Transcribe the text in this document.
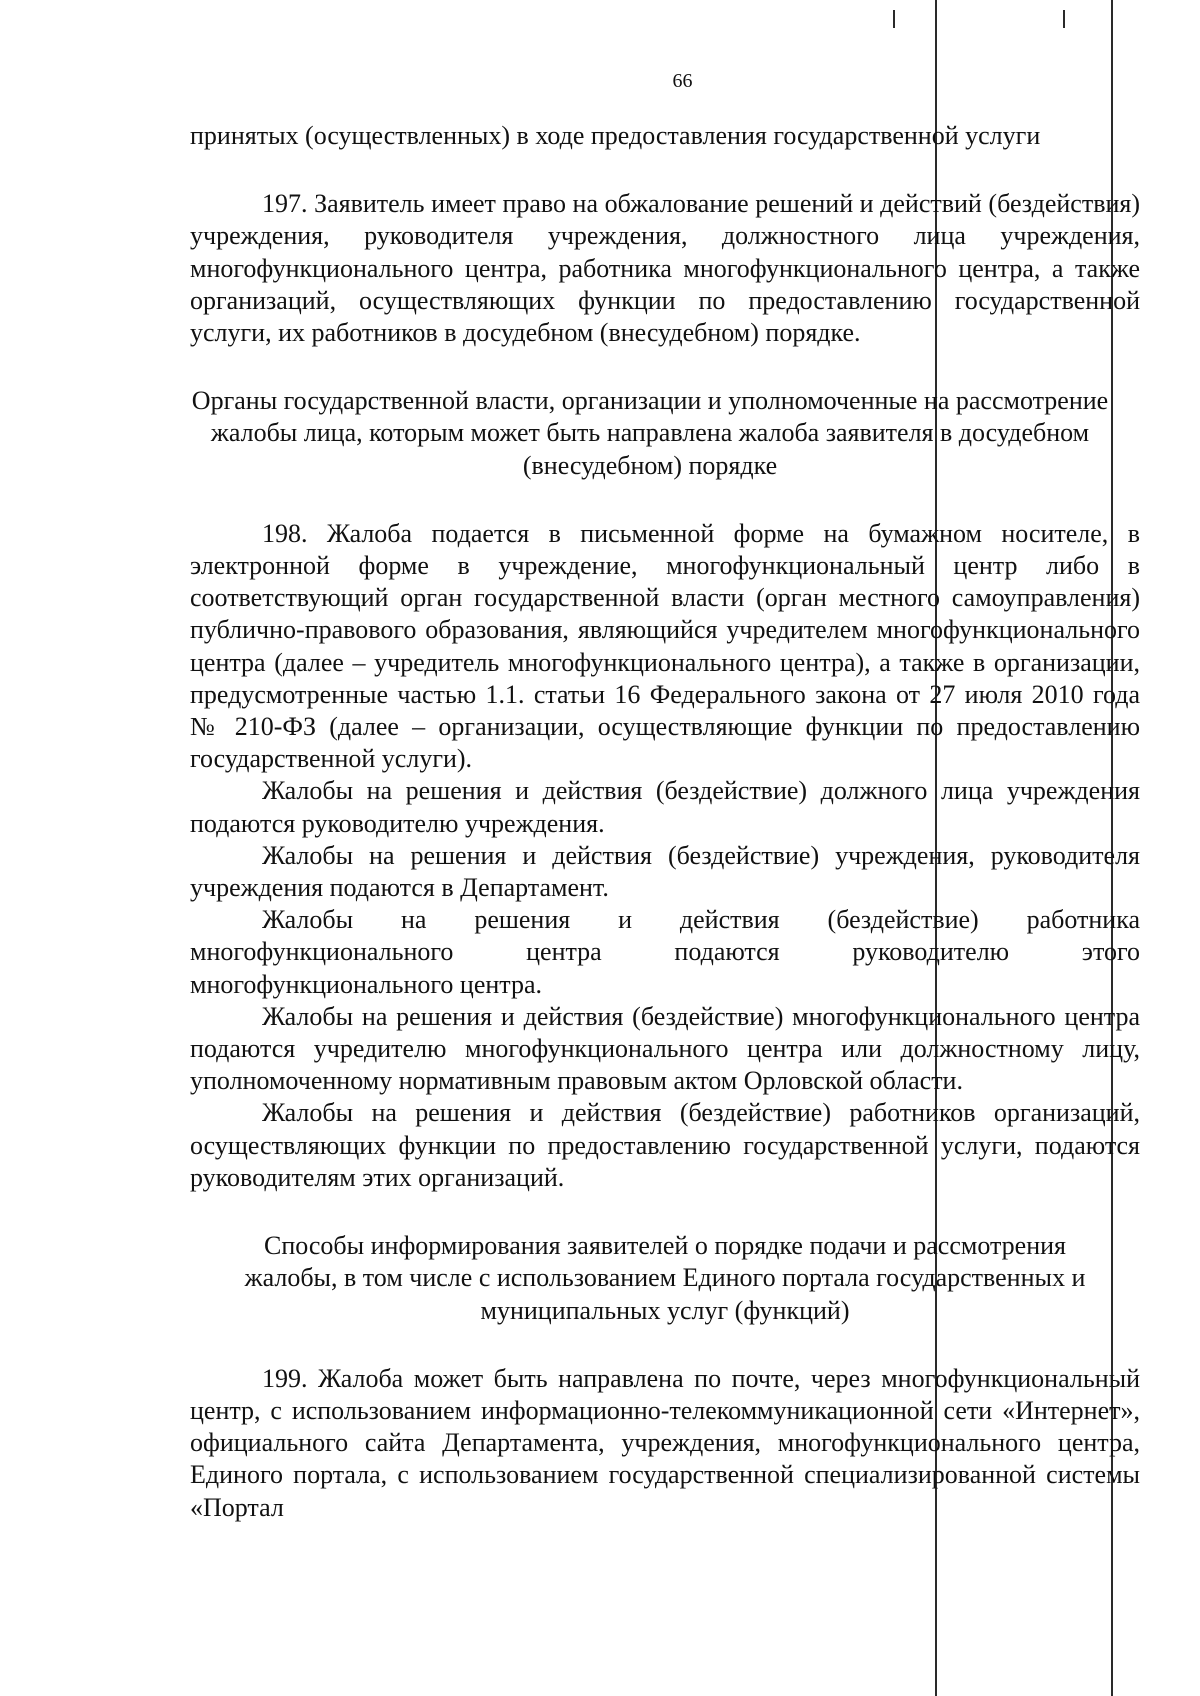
66

принятых (осуществленных) в ходе предоставления государственной услуги

197. Заявитель имеет право на обжалование решений и действий (бездействия) учреждения, руководителя учреждения, должностного лица учреждения, многофункционального центра, работника многофункционального центра, а также организаций, осуществляющих функции по предоставлению государственной услуги, их работников в досудебном (внесудебном) порядке.

Органы государственной власти, организации и уполномоченные на рассмотрение жалобы лица, которым может быть направлена жалоба заявителя в досудебном (внесудебном) порядке

198. Жалоба подается в письменной форме на бумажном носителе, в электронной форме в учреждение, многофункциональный центр либо в соответствующий орган государственной власти (орган местного самоуправления) публично-правового образования, являющийся учредителем многофункционального центра (далее – учредитель многофункционального центра), а также в организации, предусмотренные частью 1.1. статьи 16 Федерального закона от 27 июля 2010 года № 210-ФЗ (далее – организации, осуществляющие функции по предоставлению государственной услуги).

Жалобы на решения и действия (бездействие) должного лица учреждения подаются руководителю учреждения.

Жалобы на решения и действия (бездействие) учреждения, руководителя учреждения подаются в Департамент.

Жалобы на решения и действия (бездействие) работника многофункционального центра подаются руководителю этого многофункционального центра.

Жалобы на решения и действия (бездействие) многофункционального центра подаются учредителю многофункционального центра или должностному лицу, уполномоченному нормативным правовым актом Орловской области.

Жалобы на решения и действия (бездействие) работников организаций, осуществляющих функции по предоставлению государственной услуги, подаются руководителям этих организаций.

Способы информирования заявителей о порядке подачи и рассмотрения жалобы, в том числе с использованием Единого портала государственных и муниципальных услуг (функций)

199. Жалоба может быть направлена по почте, через многофункциональный центр, с использованием информационно-телекоммуникационной сети «Интернет», официального сайта Департамента, учреждения, многофункционального центра, Единого портала, с использованием государственной специализированной системы «Портал
